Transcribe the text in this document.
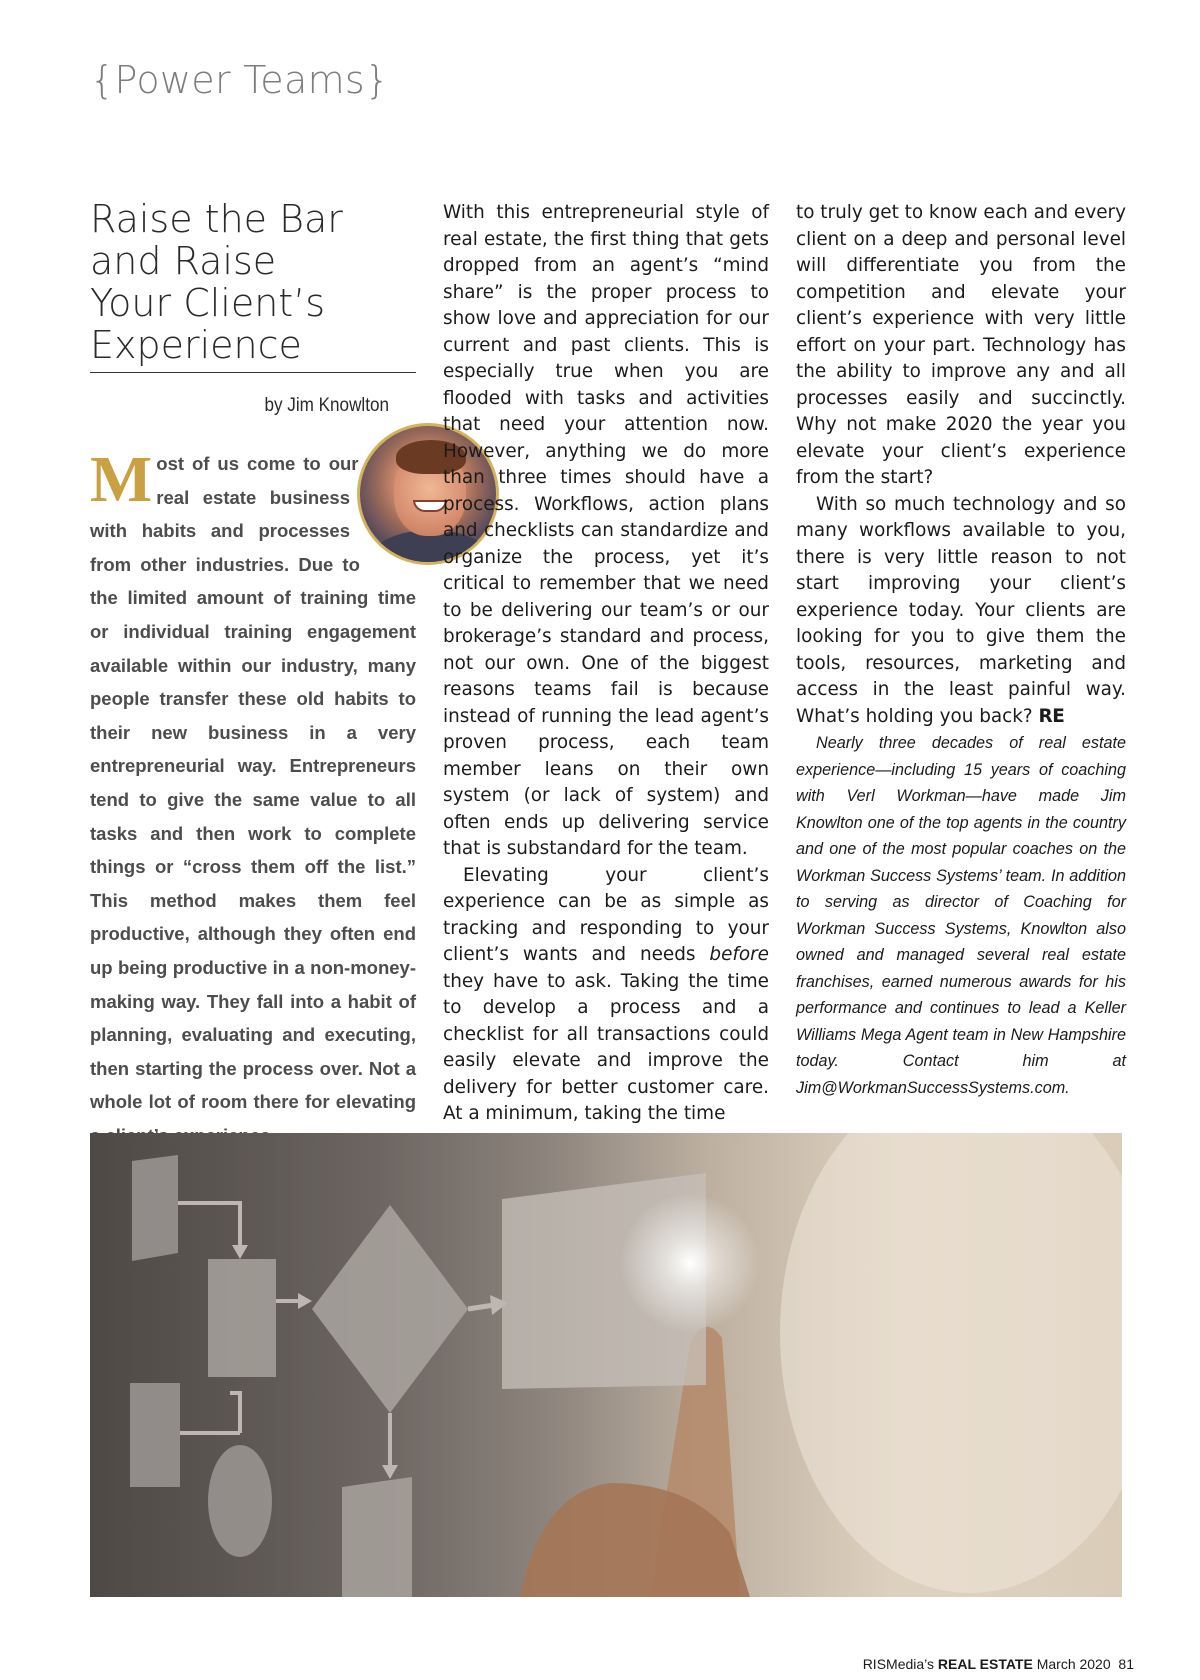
{Power Teams}
Raise the Bar
and Raise
Your Client’s
Experience
by Jim Knowlton
M ost of us come to our real estate business with habits and processes from other industries. Due to the limited amount of training time or individual training engagement available within our industry, many people transfer these old habits to their new business in a very entrepreneurial way. Entrepreneurs tend to give the same value to all tasks and then work to complete things or “cross them off the list.” This method makes them feel productive, although they often end up being productive in a non-money-making way. They fall into a habit of planning, evaluating and executing, then starting the process over. Not a whole lot of room there for elevating

With this entrepreneurial style of real estate, the first thing that gets dropped from an agent’s “mind share” is the proper process to show love and appreciation for our current and past clients. This is especially true when you are flooded with tasks and activities that need your attention now. However, anything we do more than three times should have a process. Workflows, action plans and checklists can standardize and organize the process, yet it’s critical to remember that we need to be delivering our team’s or our brokerage’s standard and process, not our own. One of the biggest reasons teams fail is because instead of running the lead agent’s proven process, each team member leans on their own system (or lack of system) and often ends up delivering service that is substandard for the team.

Elevating your client’s experience can be as simple as tracking and responding to your client’s wants and needs before they have to ask. Taking the time to develop a process and a checklist for all transactions could easily elevate and improve the delivery for better customer care. At a minimum, taking the time

to truly get to know each and every client on a deep and personal level will differentiate you from the competition and elevate your client’s experience with very little effort on your part. Technology has the ability to improve any and all processes easily and succinctly. Why not make 2020 the year you elevate your client’s experience from the start?

With so much technology and so many workflows available to you, there is very little reason to not start improving your client’s experience today. Your clients are looking for you to give them the tools, resources, marketing and access in the least painful way. What’s holding you back? RE

Nearly three decades of real estate experience—including 15 years of coaching with Verl Workman—have made Jim Knowlton one of the top agents in the country and one of the most popular coaches on the Workman Success Systems’ team. In addition to serving as director of Coaching for Workman Success Systems, Knowlton also owned and managed several real estate franchises, earned numerous awards for his performance and continues to lead a Keller Williams Mega Agent team in New Hampshire today. Contact him at Jim@WorkmanSuccessSystems.com.

RISMedia’s REAL ESTATE March 2020 81
